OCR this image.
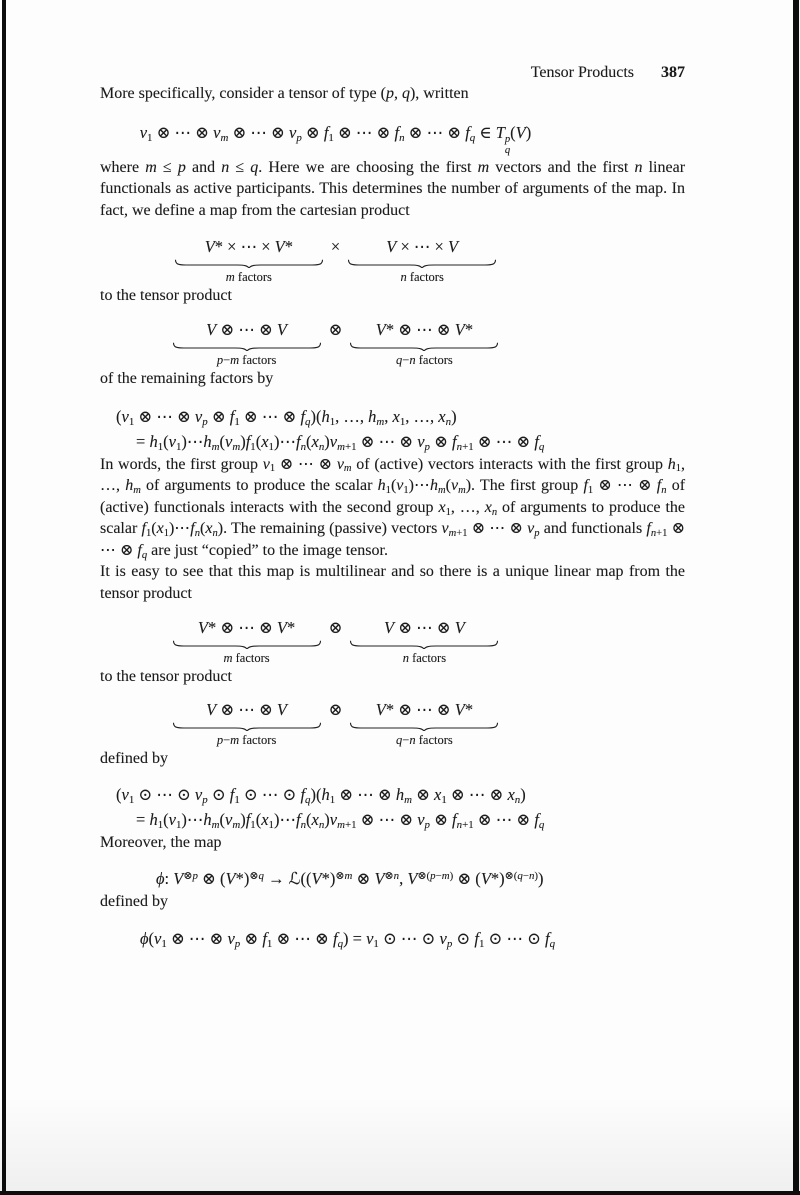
Tensor Products 387

More specifically, consider a tensor of type (p, q), written

$v_1$ ⊗ ⋯ ⊗ $v_m$ ⊗ ⋯ ⊗ $v_p$ ⊗ $f_1$ ⊗ ⋯ ⊗ $f_n$ ⊗ ⋯ ⊗ $f_q$ ∈ T p
q
(V)

where m ≤ p and n ≤ q. Here we are choosing the first m vectors and the first n linear functionals as active participants. This determines the number of arguments of the map. In fact, we define a map from the cartesian product

V* × ⋯ × V*
m factors
×	V × ⋯ × V
n factors

to the tensor product

V ⊗ ⋯ ⊗ V
p−m factors
⊗ V* ⊗ ⋯ ⊗ V*
q−n factors

of the remaining factors by

($v_1$ ⊗ ⋯ ⊗ $v_p$ ⊗ $f_1$ ⊗ ⋯ ⊗ $f_q)(h_1$, …, $h_m$, $x_1$, …, $x_n$)
= $h_1(v_1)\cdots h_m(v_m)f_1(x_1)\cdots f_n(x_n)v_{m+1}$ ⊗ ⋯ ⊗ $v_p$ ⊗ $f_{n+1}$ ⊗ ⋯ ⊗ $f_q$

In words, the first group $v_1$ ⊗ ⋯ ⊗ $v_m$ of (active) vectors interacts with the first group $h_1$, …, $h_m$ of arguments to produce the scalar $h_1(v_1)\cdots h_m(v_m)$. The first group $f_1$ ⊗ ⋯ ⊗ $f_n$ of (active) functionals interacts with the second group $x_1$, …, $x_n$ of arguments to produce the scalar $f_1(x_1)\cdots f_n(x_n)$. The remaining (passive) vectors $v_{m+1}$ ⊗ ⋯ ⊗ $v_p$ and functionals $f_{n+1}$ ⊗ ⋯ ⊗ $f_q$ are just “copied” to the image tensor.

It is easy to see that this map is multilinear and so there is a unique linear map from the tensor product

V* ⊗ ⋯ ⊗ V*
m factors
⊗	V ⊗ ⋯ ⊗ V
n factors

to the tensor product

V ⊗ ⋯ ⊗ V
p−m factors
⊗ V* ⊗ ⋯ ⊗ V*
q−n factors

defined by

($v_1$ ⊙ ⋯ ⊙ $v_p$ ⊙ $f_1$ ⊙ ⋯ ⊙ $f_q)(h_1$ ⊗ ⋯ ⊗ $h_m$ ⊗ $x_1$ ⊗ ⋯ ⊗ $x_n$)
= $h_1(v_1)\cdots h_m(v_m)f_1(x_1)\cdots f_n(x_n)v_{m+1}$ ⊗ ⋯ ⊗ $v_p$ ⊗ $f_{n+1}$ ⊗ ⋯ ⊗ $f_q$

Moreover, the map

ϕ: $V^{\otimes p}$ ⊗ $(V*)^{\otimes q}$ → $ℒ((V*)^{\otimes m}$ ⊗ $V^{\otimes n}$, $V^{\otimes(p-m)}$ ⊗ $(V*)^{\otimes(q-n)}$)

defined by

$\phi(v_1$ ⊗ ⋯ ⊗ $v_p$ ⊗ $f_1$ ⊗ ⋯ ⊗ $f_q) = v_1$ ⊙ ⋯ ⊙ $v_p$ ⊙ $f_1$ ⊙ ⋯ ⊙ $f_q$
